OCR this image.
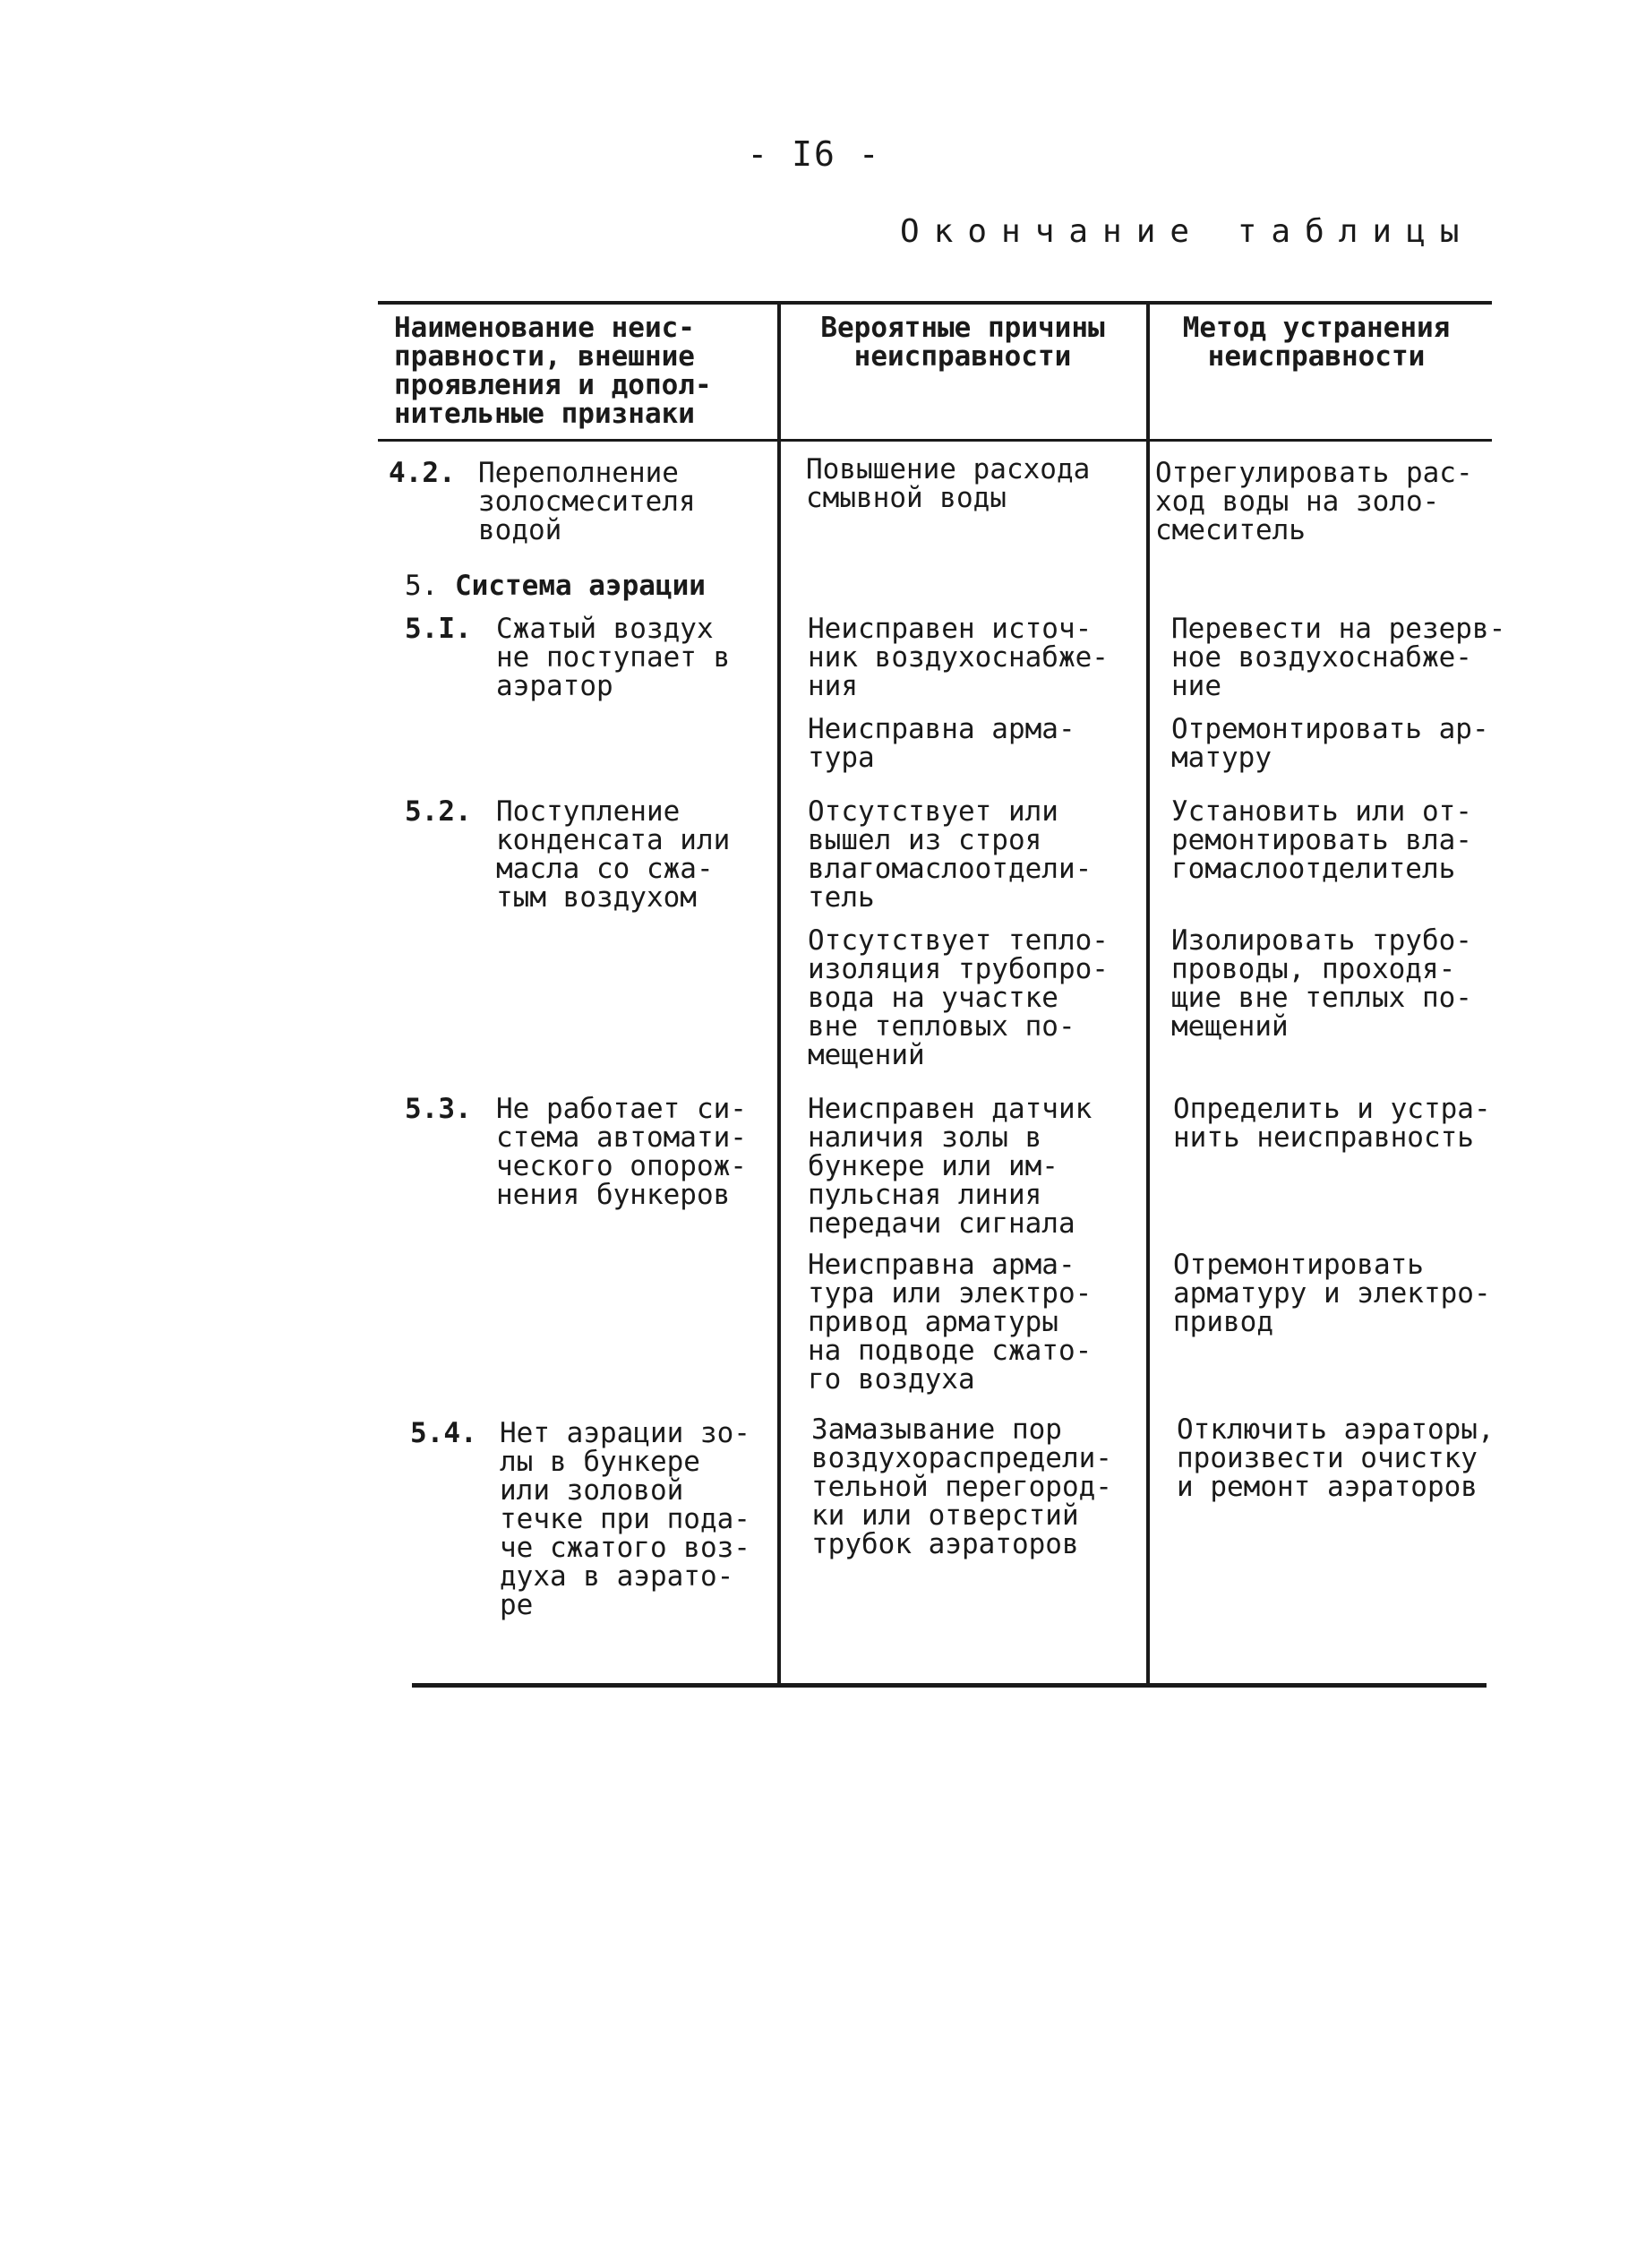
- I6 -
Окончание таблицы
Наименование неис-
правности, внешние
проявления и допол-
нительные признаки
Вероятные причины
неисправности
Метод устранения
неисправности
4.2. Переполнение
золосмесителя
водой
Повышение расхода
смывной воды
Отрегулировать рас-
ход воды на золо-
смеситель
5. Система аэрации
5.I. Сжатый воздух
не поступает в
аэратор
Неисправен источ-
ник воздухоснабже-
ния
Перевести на резерв-
ное воздухоснабже-
ние
Неисправна арма-
тура
Отремонтировать ар-
матуру
5.2. Поступление
конденсата или
масла со сжа-
тым воздухом
Отсутствует или
вышел из строя
влагомаслоотдели-
тель
Установить или от-
ремонтировать вла-
гомаслоотделитель
Отсутствует тепло-
изоляция трубопро-
вода на участке
вне тепловых по-
мещений
Изолировать трубо-
проводы, проходя-
щие вне теплых по-
мещений
5.3. Не работает си-
стема автомати-
ческого опорож-
нения бункеров
Неисправен датчик
наличия золы в
бункере или им-
пульсная линия
передачи сигнала
Определить и устра-
нить неисправность
Неисправна арма-
тура или электро-
привод арматуры
на подводе сжато-
го воздуха
Отремонтировать
арматуру и электро-
привод
5.4. Нет аэрации зо-
лы в бункере
или золовой
течке при пода-
че сжатого воз-
духа в аэрато-
ре
Замазывание пор
воздухораспредели-
тельной перегород-
ки или отверстий
трубок аэраторов
Отключить аэраторы,
произвести очистку
и ремонт аэраторов
